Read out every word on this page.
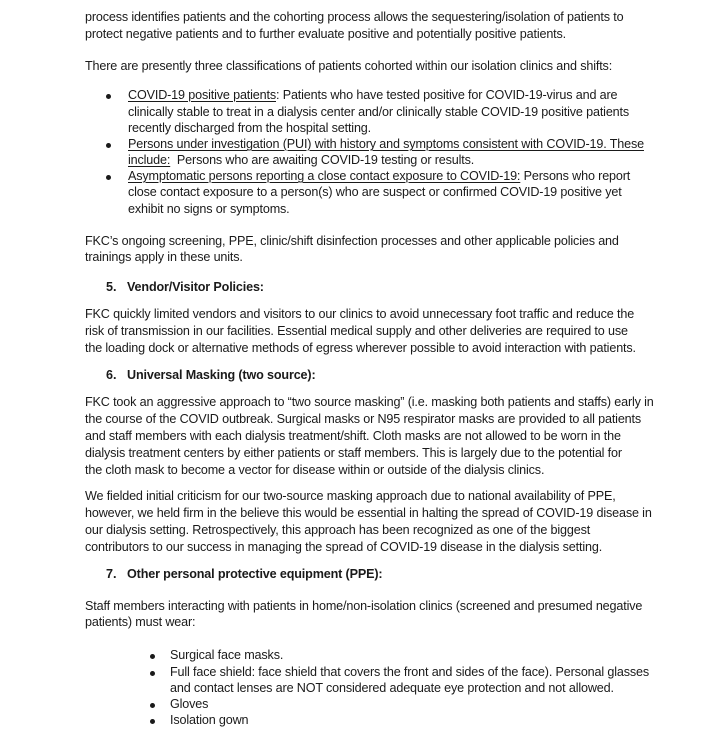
process identifies patients and the cohorting process allows the sequestering/isolation of patients to
protect negative patients and to further evaluate positive and potentially positive patients.
There are presently three classifications of patients cohorted within our isolation clinics and shifts:
COVID-19 positive patients: Patients who have tested positive for COVID-19-virus and are
clinically stable to treat in a dialysis center and/or clinically stable COVID-19 positive patients
recently discharged from the hospital setting.
Persons under investigation (PUI) with history and symptoms consistent with COVID-19. These
include:  Persons who are awaiting COVID-19 testing or results.
Asymptomatic persons reporting a close contact exposure to COVID-19: Persons who report
close contact exposure to a person(s) who are suspect or confirmed COVID-19 positive yet
exhibit no signs or symptoms.
FKC’s ongoing screening, PPE, clinic/shift disinfection processes and other applicable policies and
trainings apply in these units.
5. Vendor/Visitor Policies:
FKC quickly limited vendors and visitors to our clinics to avoid unnecessary foot traffic and reduce the
risk of transmission in our facilities. Essential medical supply and other deliveries are required to use
the loading dock or alternative methods of egress wherever possible to avoid interaction with patients.
6. Universal Masking (two source):
FKC took an aggressive approach to “two source masking” (i.e. masking both patients and staffs) early in
the course of the COVID outbreak. Surgical masks or N95 respirator masks are provided to all patients
and staff members with each dialysis treatment/shift. Cloth masks are not allowed to be worn in the
dialysis treatment centers by either patients or staff members. This is largely due to the potential for
the cloth mask to become a vector for disease within or outside of the dialysis clinics.
We fielded initial criticism for our two-source masking approach due to national availability of PPE,
however, we held firm in the believe this would be essential in halting the spread of COVID-19 disease in
our dialysis setting. Retrospectively, this approach has been recognized as one of the biggest
contributors to our success in managing the spread of COVID-19 disease in the dialysis setting.
7. Other personal protective equipment (PPE):
Staff members interacting with patients in home/non-isolation clinics (screened and presumed negative
patients) must wear:
Surgical face masks.
Full face shield: face shield that covers the front and sides of the face). Personal glasses
and contact lenses are NOT considered adequate eye protection and not allowed.
Gloves
Isolation gown
